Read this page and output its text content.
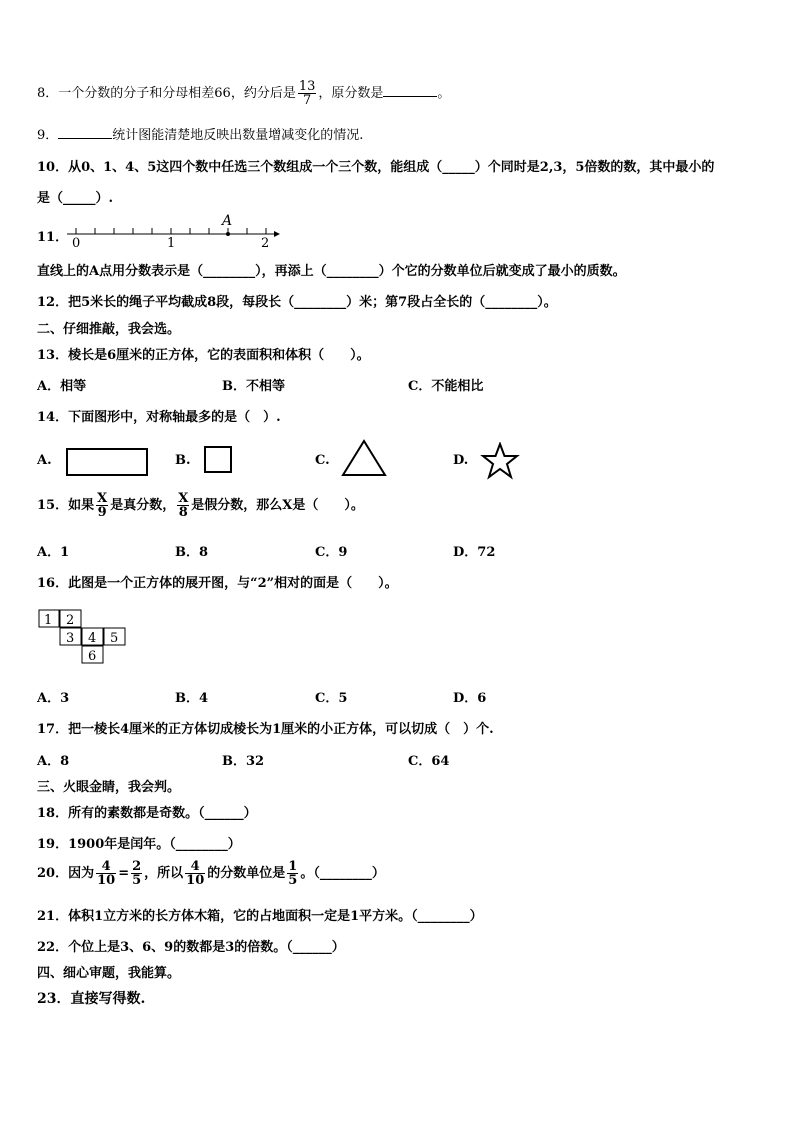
8．一个分数的分子和分母相差66，约分后是 $\frac{13}{7}$ ，原分数是	。
9．	统计图能清楚地反映出数量增减变化的情况.
10．从0、1、4、5这四个数中任选三个数组成一个三个数，能组成（_____）个同时是2,3，5倍数的数，其中最小的
是（_____）.
11．
A
0	1	2
直线上的A点用分数表示是（________），再添上（________）个它的分数单位后就变成了最小的质数。
12．把5米长的绳子平均截成8段，每段长（________）米；第7段占全长的（________）。
二、仔细推敲，我会选。
13．棱长是6厘米的正方体，它的表面积和体积（　　）。
A．相等	B．不相等	C．不能相比
14．下面图形中，对称轴最多的是（　）.
A.	B.	C.	D.
15．如果 $\frac{X}{9}$ 是真分数， $\frac{X}{8}$ 是假分数，那么X是（　　）。
A．1	B．8	C．9	D．72
16．此图是一个正方体的展开图，与“2”相对的面是（　　）。
1 2
3 4 5
6
A．3	B．4	C．5	D．6
17．把一棱长4厘米的正方体切成棱长为1厘米的小正方体，可以切成（　）个.
A．8	B．32	C．64
三、火眼金睛，我会判。
18．所有的素数都是奇数。（______）
19．1900年是闰年。（________）
20．因为 $\frac{4}{10} = \frac{2}{5}$ ，所以 $\frac{4}{10}$ 的分数单位是 $\frac{1}{5}$ 。（________）
21．体积1立方米的长方体木箱，它的占地面积一定是1平方米。（________）
22．个位上是3、6、9的数都是3的倍数。（______）
四、细心审题，我能算。
23．直接写得数.
